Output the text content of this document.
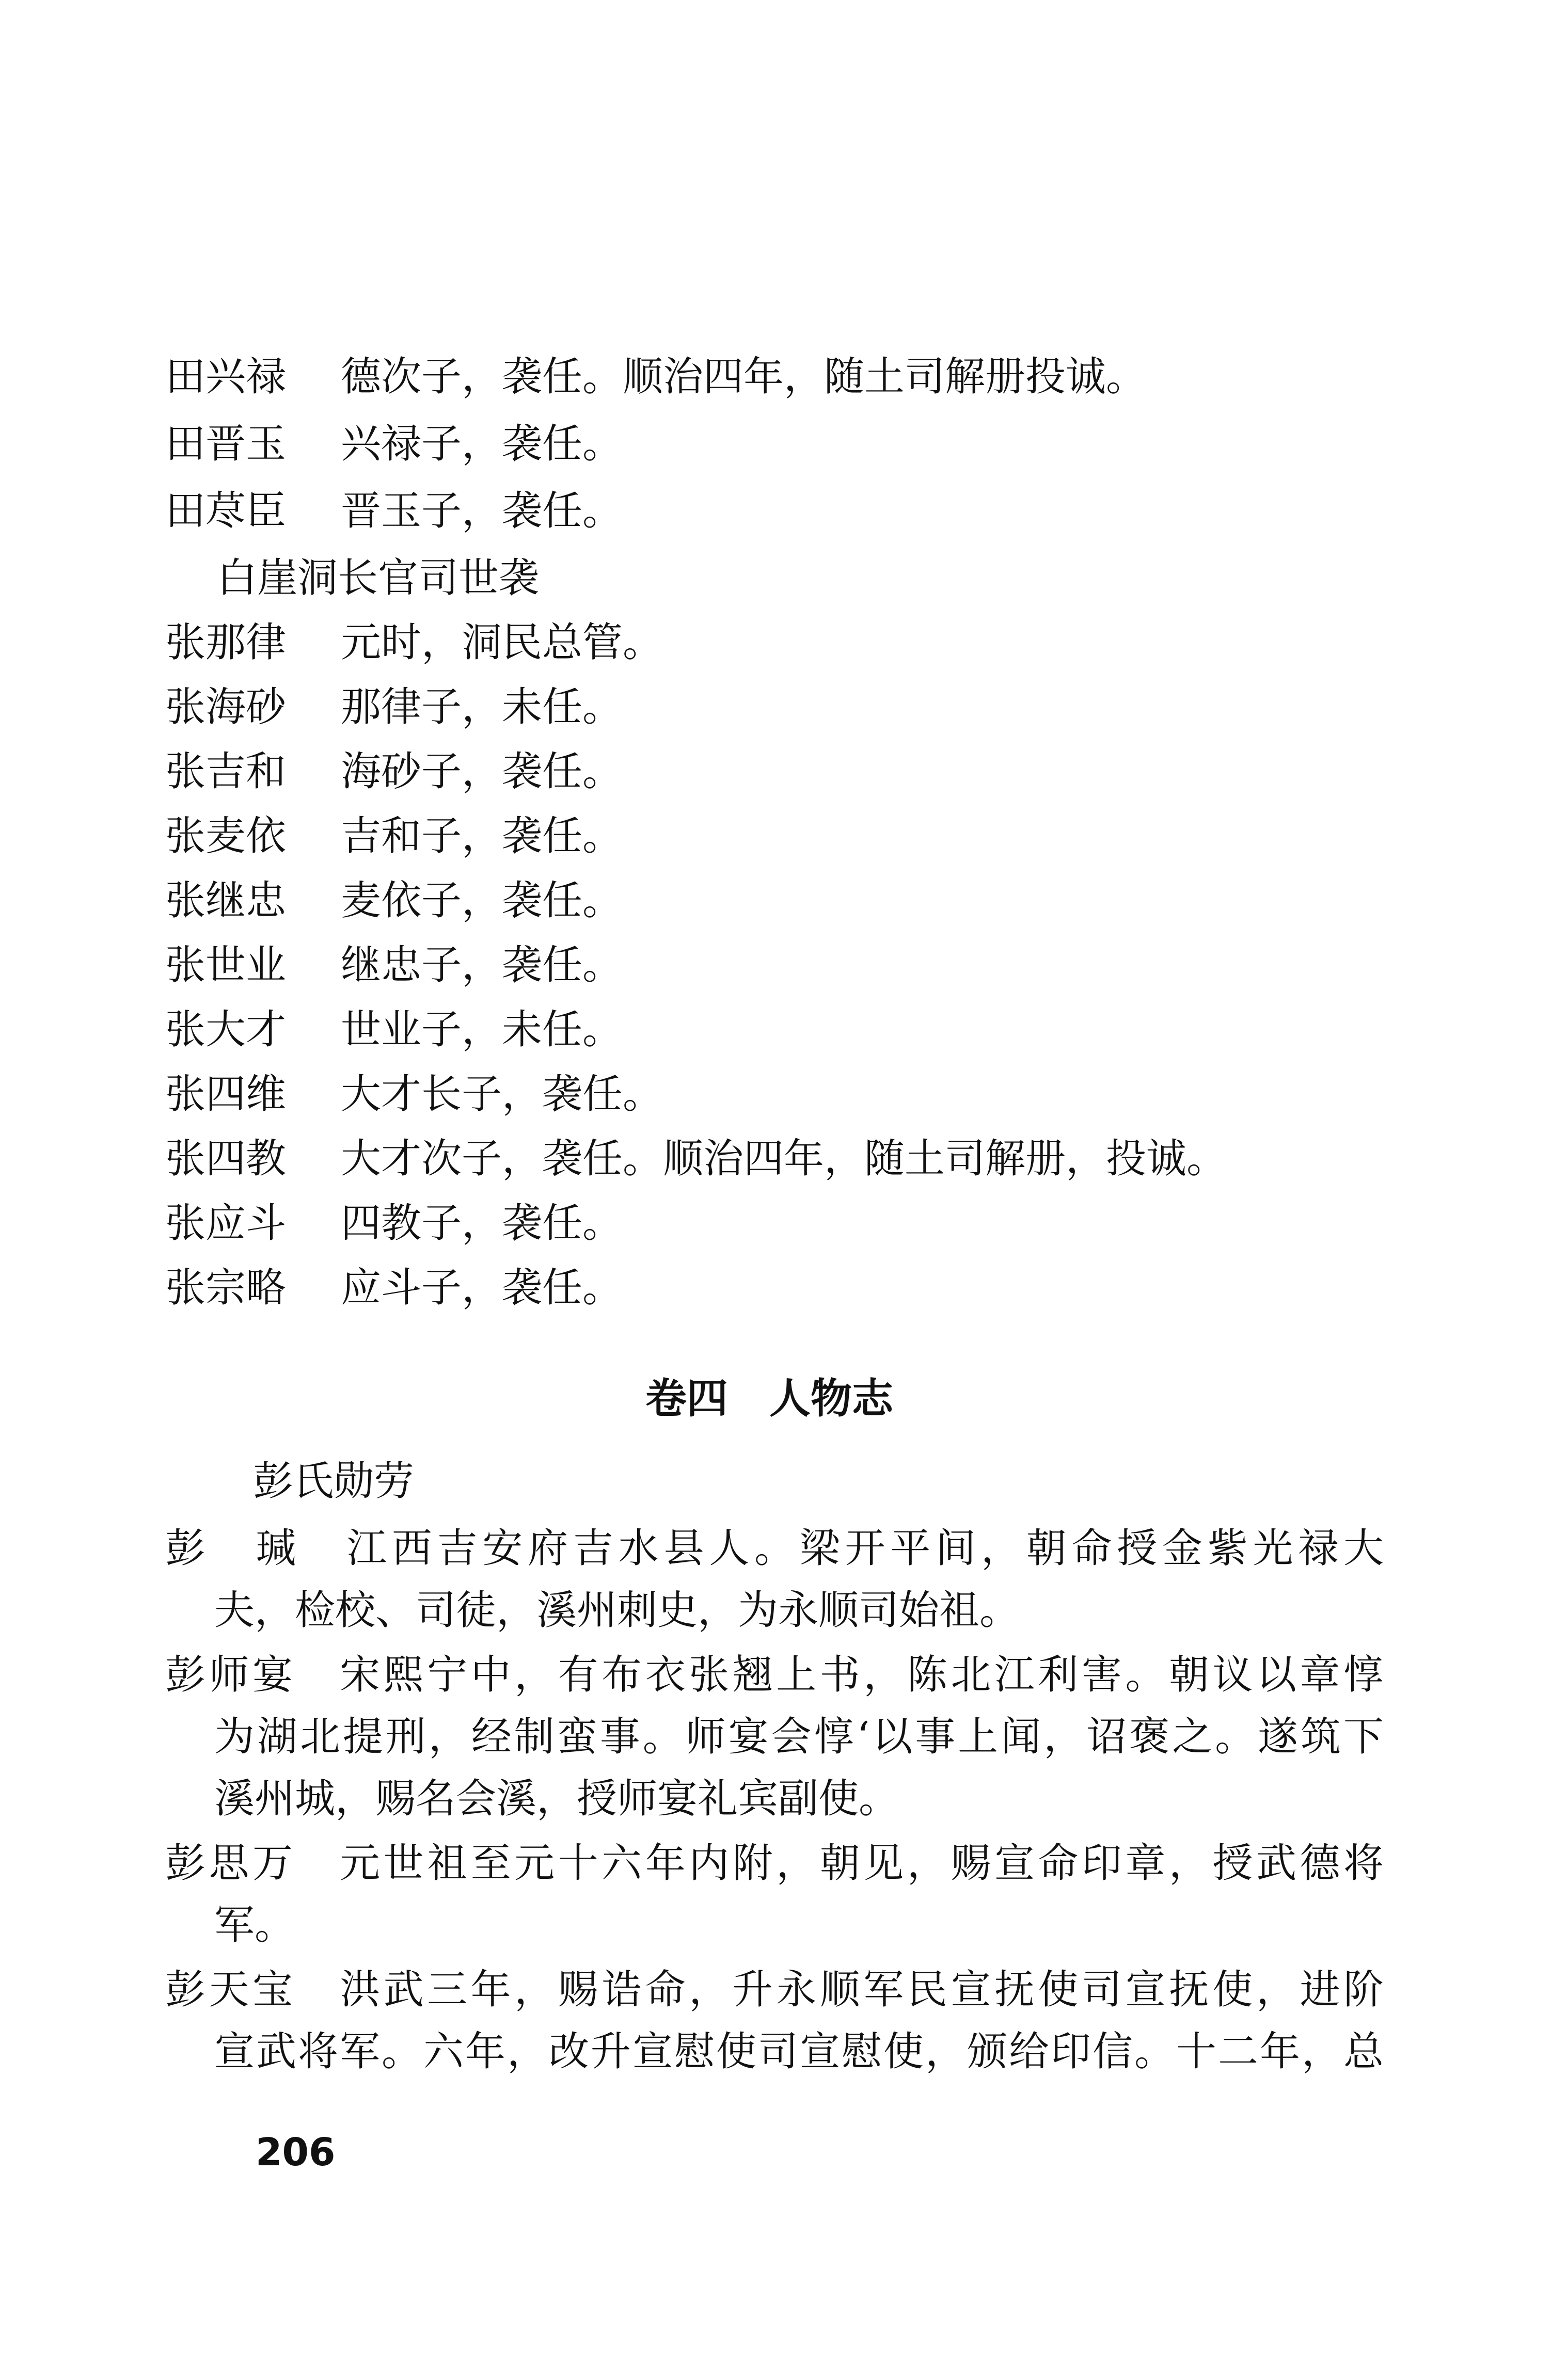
田兴禄 德次子，袭任。顺治四年，随土司解册投诚。
田晋玉 兴禄子，袭任。
田荩臣 晋玉子，袭任。
白崖洞长官司世袭
张那律 元时，洞民总管。
张海砂 那律子，未任。
张吉和 海砂子，袭任。
张麦依 吉和子，袭任。
张继忠 麦依子，袭任。
张世业 继忠子，袭任。
张大才 世业子，未任。
张四维 大才长子，袭任。
张四教 大才次子，袭任。顺治四年，随土司解册，投诚。
张应斗 四教子，袭任。
张宗略 应斗子，袭任。
卷四 人物志
彭氏勋劳
彭　瑊　江西吉安府吉水县人。梁开平间，朝命授金紫光禄大
夫，检校、司徒，溪州刺史，为永顺司始祖。
彭师宴　宋熙宁中，有布衣张翘上书，陈北江利害。朝议以章惇
为湖北提刑，经制蛮事。师宴会惇‘以事上闻，诏褒之。遂筑下
溪州城，赐名会溪，授师宴礼宾副使。
彭思万　元世祖至元十六年内附，朝见，赐宣命印章，授武德将
军。
彭天宝　洪武三年，赐诰命，升永顺军民宣抚使司宣抚使，进阶
宣武将军。六年，改升宣慰使司宣慰使，颁给印信。十二年，总
206
